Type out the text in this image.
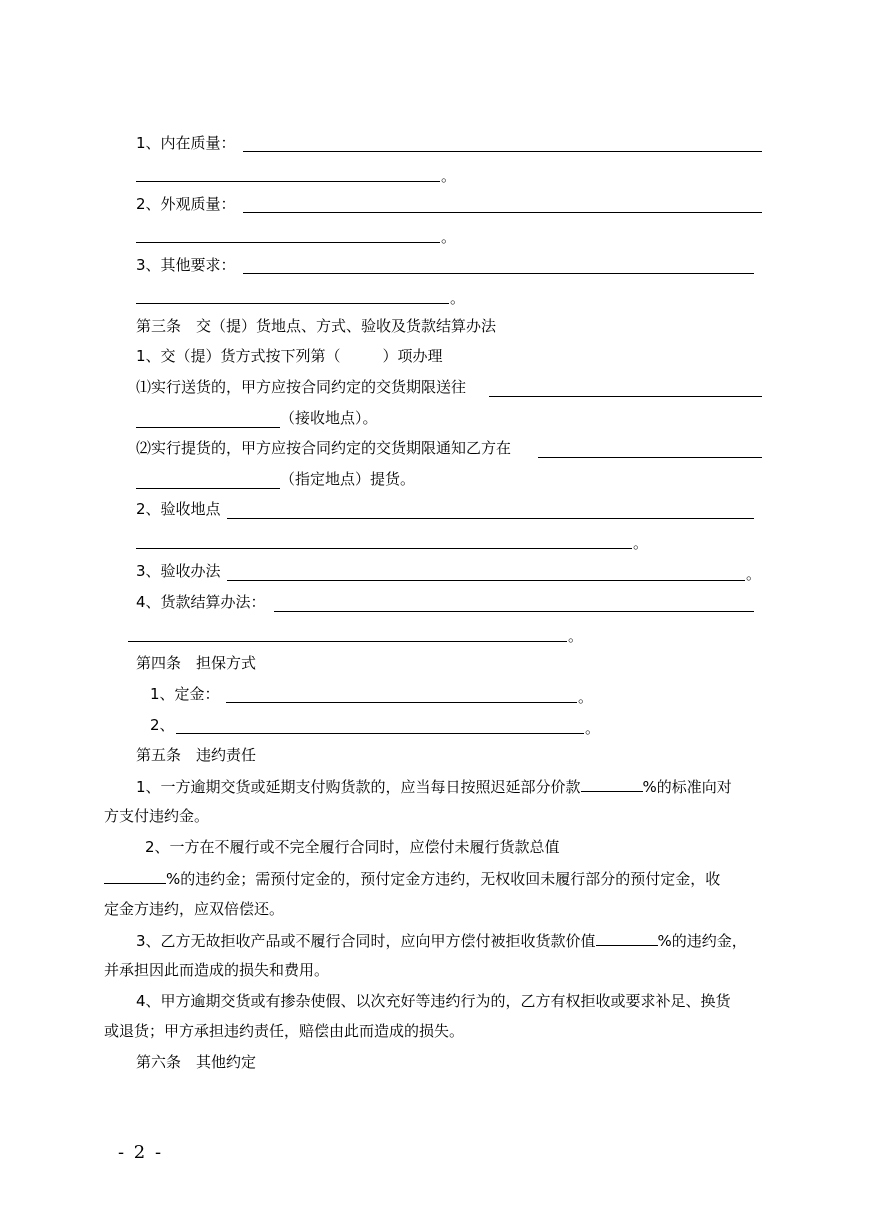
1、内在质量：
。
2、外观质量：
。
3、其他要求：
。
第三条　交（提）货地点、方式、验收及货款结算办法
1、交（提）货方式按下列第（	）项办理
⑴实行送货的，甲方应按合同约定的交货期限送往
（接收地点）。
⑵实行提货的，甲方应按合同约定的交货期限通知乙方在
（指定地点）提货。
2、验收地点
。
3、验收办法	。
4、货款结算办法：
。
第四条　担保方式
1、定金：	。
2、	。
第五条　违约责任
1、一方逾期交货或延期支付购货款的，应当每日按照迟延部分价款	%的标准向对
方支付违约金。
2、一方在不履行或不完全履行合同时，应偿付未履行货款总值
%的违约金；需预付定金的，预付定金方违约，无权收回未履行部分的预付定金，收
定金方违约，应双倍偿还。
3、乙方无故拒收产品或不履行合同时，应向甲方偿付被拒收货款价值	%的违约金，
并承担因此而造成的损失和费用。
4、甲方逾期交货或有掺杂使假、以次充好等违约行为的，乙方有权拒收或要求补足、换货
或退货；甲方承担违约责任，赔偿由此而造成的损失。
第六条　其他约定
- 2 -
